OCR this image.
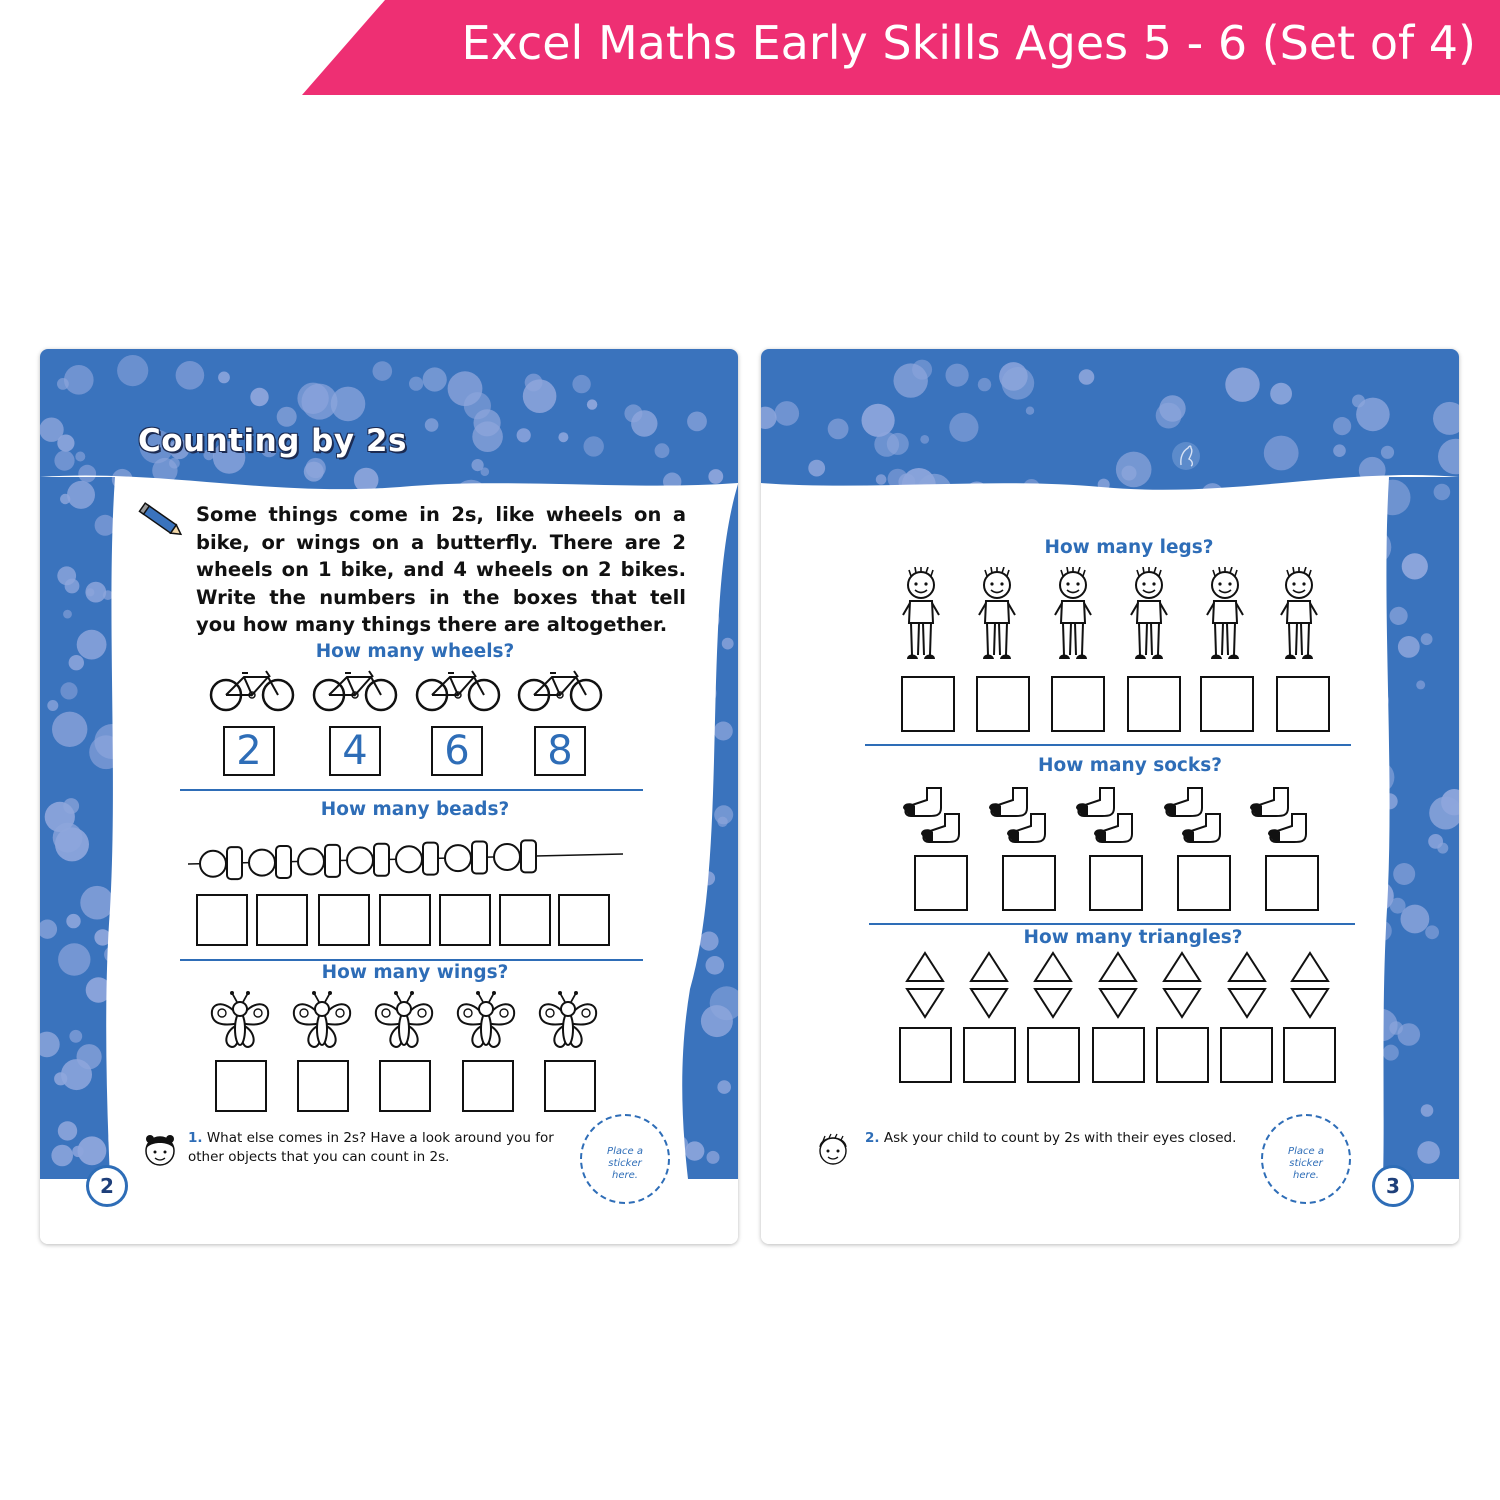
Excel Maths Early Skills Ages 5 - 6 (Set of 4)
Counting by 2s
Some things come in 2s, like wheels on a bike, or wings on a butterfly. There are 2 wheels on 1 bike, and 4 wheels on 2 bikes. Write the numbers in the boxes that tell you how many things there are altogether.
How many wheels?
2	4	6	8
How many beads?
How many wings?
1. What else comes in 2s? Have a look around you for other objects that you can count in 2s.	Place a sticker here.
2
How many legs?
How many socks?
How many triangles?
2. Ask your child to count by 2s with their eyes closed.
Place a sticker here.	3
